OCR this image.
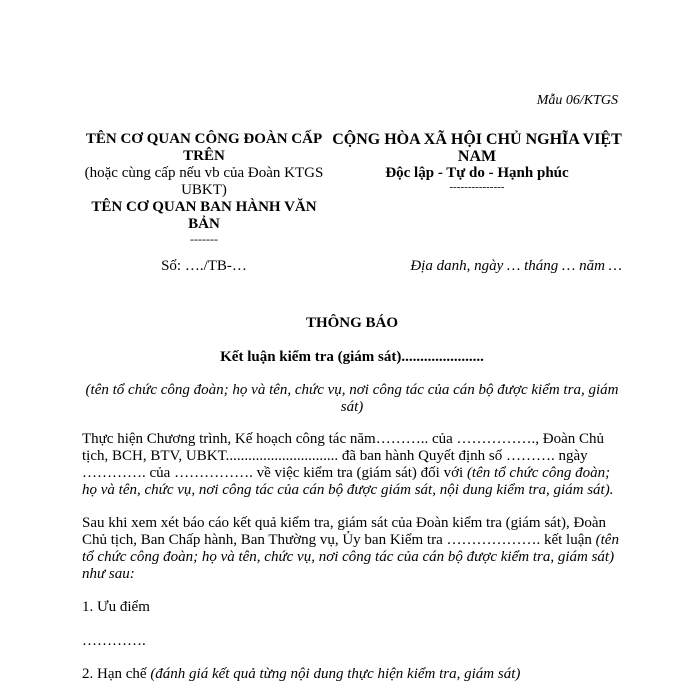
Mẫu 06/KTGS
TÊN CƠ QUAN CÔNG ĐOÀN CẤP TRÊN
(hoặc cùng cấp nếu vb của Đoàn KTGS UBKT)
TÊN CƠ QUAN BAN HÀNH VĂN BẢN
-------
Số: …./TB-…
CỘNG HÒA XÃ HỘI CHỦ NGHĨA VIỆT NAM
Độc lập - Tự do - Hạnh phúc
---------------
Địa danh, ngày … tháng … năm …
THÔNG BÁO
Kết luận kiểm tra (giám sát)......................
(tên tổ chức công đoàn; họ và tên, chức vụ, nơi công tác của cán bộ được kiểm tra, giám sát)
Thực hiện Chương trình, Kế hoạch công tác năm……….. của ……………., Đoàn Chủ tịch, BCH, BTV, UBKT.............................. đã ban hành Quyết định số ………. ngày …………. của ……………. về việc kiểm tra (giám sát) đối với (tên tổ chức công đoàn; họ và tên, chức vụ, nơi công tác của cán bộ được giám sát, nội dung kiểm tra, giám sát).
Sau khi xem xét báo cáo kết quả kiểm tra, giám sát của Đoàn kiểm tra (giám sát), Đoàn Chủ tịch, Ban Chấp hành, Ban Thường vụ, Ủy ban Kiểm tra ………………. kết luận (tên tổ chức công đoàn; họ và tên, chức vụ, nơi công tác của cán bộ được kiểm tra, giám sát) như sau:
1. Ưu điểm
………….
2. Hạn chế (đánh giá kết quả từng nội dung thực hiện kiểm tra, giám sát)
